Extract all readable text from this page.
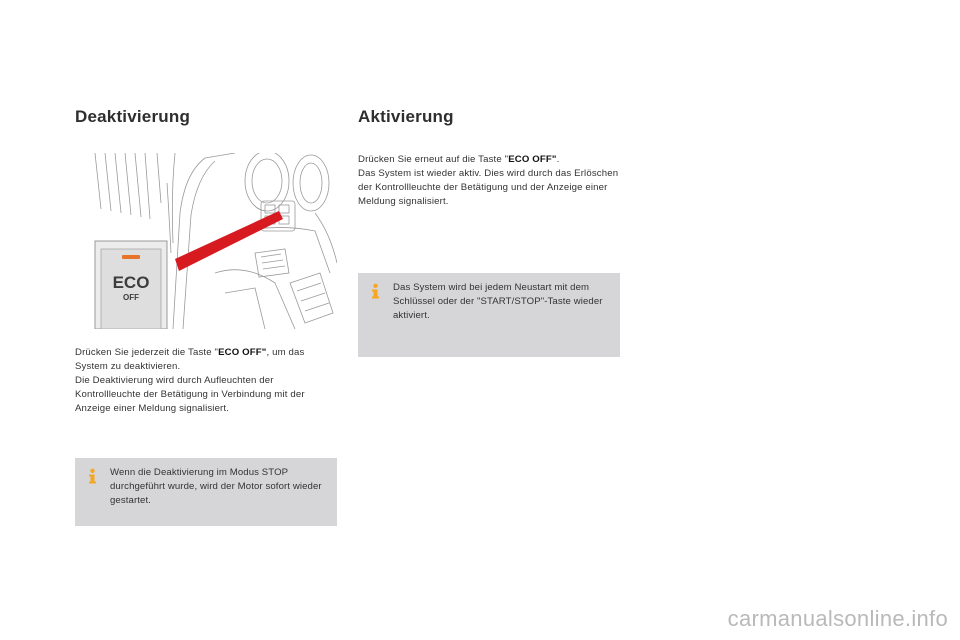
Deaktivierung	Aktivierung
ECO
OFF

Drücken Sie jederzeit die Taste "ECO OFF", um das System zu deaktivieren.

Die Deaktivierung wird durch Aufleuchten der Kontrollleuchte der Betätigung in Verbindung mit der Anzeige einer Meldung signalisiert.

Drücken Sie erneut auf die Taste "ECO OFF".

Das System ist wieder aktiv. Dies wird durch das Erlöschen der Kontrollleuchte der Betätigung und der Anzeige einer Meldung signalisiert.

Wenn die Deaktivierung im Modus STOP durchgeführt wurde, wird der Motor sofort wieder gestartet.
Das System wird bei jedem Neustart mit dem Schlüssel oder der "START/STOP"-Taste wieder aktiviert.
carmanualsonline.info
